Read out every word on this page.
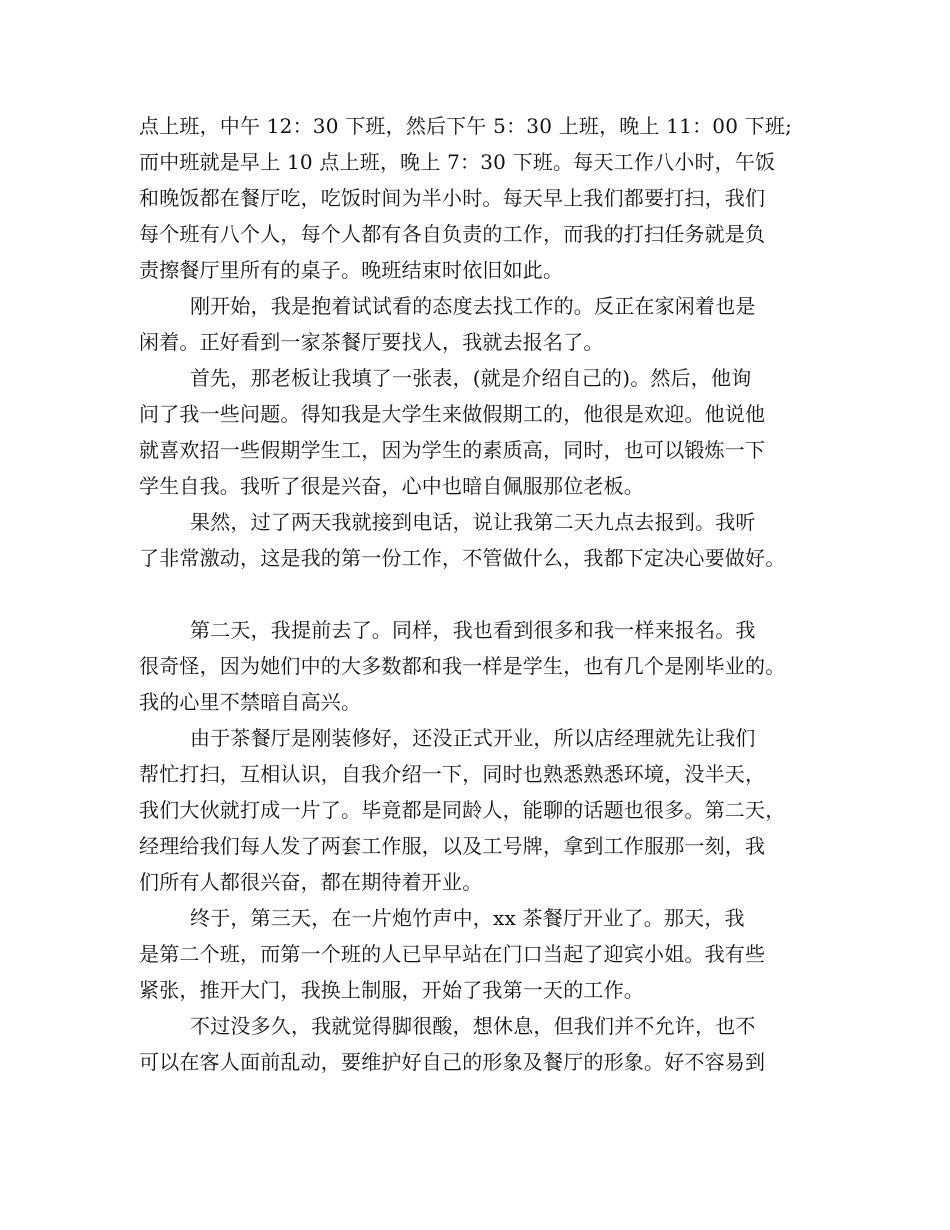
点上班，中午 12：30 下班，然后下午 5：30 上班，晚上 11：00 下班;
而中班就是早上 10 点上班，晚上 7：30 下班。每天工作八小时，午饭
和晚饭都在餐厅吃，吃饭时间为半小时。每天早上我们都要打扫，我们
每个班有八个人，每个人都有各自负责的工作，而我的打扫任务就是负
责擦餐厅里所有的桌子。晚班结束时依旧如此。
刚开始，我是抱着试试看的态度去找工作的。反正在家闲着也是
闲着。正好看到一家茶餐厅要找人，我就去报名了。
首先，那老板让我填了一张表，(就是介绍自己的)。然后，他询
问了我一些问题。得知我是大学生来做假期工的，他很是欢迎。他说他
就喜欢招一些假期学生工，因为学生的素质高，同时，也可以锻炼一下
学生自我。我听了很是兴奋，心中也暗自佩服那位老板。
果然，过了两天我就接到电话，说让我第二天九点去报到。我听
了非常激动，这是我的第一份工作，不管做什么，我都下定决心要做好。
第二天，我提前去了。同样，我也看到很多和我一样来报名。我
很奇怪，因为她们中的大多数都和我一样是学生，也有几个是刚毕业的。
我的心里不禁暗自高兴。
由于茶餐厅是刚装修好，还没正式开业，所以店经理就先让我们
帮忙打扫，互相认识，自我介绍一下，同时也熟悉熟悉环境，没半天，
我们大伙就打成一片了。毕竟都是同龄人，能聊的话题也很多。第二天，
经理给我们每人发了两套工作服，以及工号牌，拿到工作服那一刻，我
们所有人都很兴奋，都在期待着开业。
终于，第三天，在一片炮竹声中，xx 茶餐厅开业了。那天，我
是第二个班，而第一个班的人已早早站在门口当起了迎宾小姐。我有些
紧张，推开大门，我换上制服，开始了我第一天的工作。
不过没多久，我就觉得脚很酸，想休息，但我们并不允许，也不
可以在客人面前乱动，要维护好自己的形象及餐厅的形象。好不容易到
